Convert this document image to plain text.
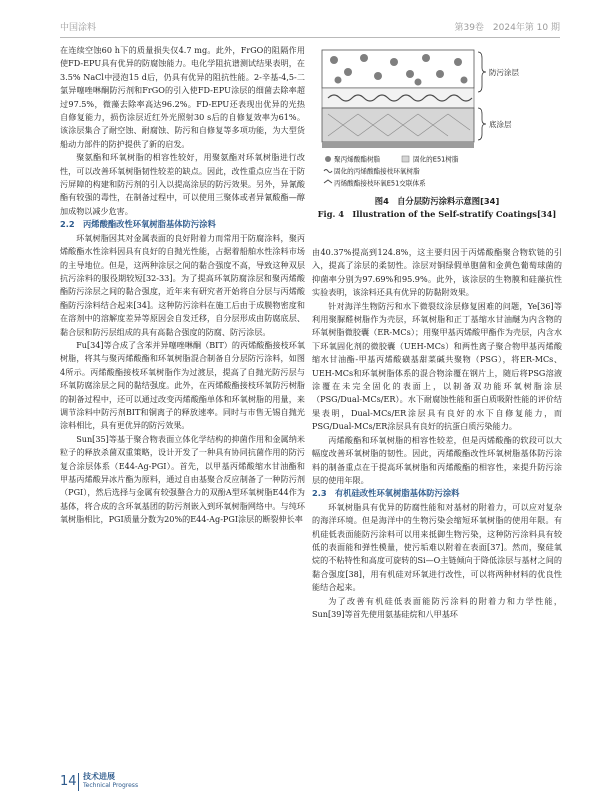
中国涂料	第39卷　2024年第 10 期

在连续空蚀60 h下的质量损失仅4.7 mg。此外，FrGO的阻隔作用使FD-EPU具有优异的防腐蚀能力。电化学阻抗谱测试结果表明，在3.5% NaCl中浸泡15 d后，仍具有优异的阻抗性能。2-辛基-4,5-二氯异噻唑啉酮防污剂和FrGO的引入使FD-EPU涂层的细菌去除率超过97.5%，微藻去除率高达96.2%。FD-EPU还表现出优异的光热自修复能力，损伤涂层近红外光照射30 s后的自修复效率为61%。该涂层集合了耐空蚀、耐腐蚀、防污和自修复等多项功能，为大型货船动力部件的防护提供了新的启发。

聚氨酯和环氧树脂的相容性较好，用聚氨酯对环氧树脂进行改性，可以改善环氧树脂韧性较差的缺点。因此，改性重点应当在于防污屏障的构建和防污剂的引入以提高涂层的防污效果。另外，异氰酸酯有较强的毒性，在制备过程中，可以使用三聚体或者异氰酸酯—醇加成物以减少危害。

2.2　丙烯酸酯改性环氧树脂基体防污涂料

环氧树脂因其对金属表面的良好附着力而常用于防腐涂料，聚丙烯酸酯水性涂料因具有良好的自抛光性能，占据着船舶水性涂料市场的主导地位。但是，这两种涂层之间的黏合强度不高，导致这种双层抗污涂料的服役期较短[32-33]。为了提高环氧防腐涂层和聚丙烯酸酯防污涂层之间的黏合强度，近年来有研究者开始将自分层与丙烯酸酯防污涂料结合起来[34]。这种防污涂料在施工后由于成膜物密度和在溶剂中的溶解度差异等原因会自发迁移，自分层形成由防腐底层、黏合层和防污层组成的具有高黏合强度的防腐、防污涂层。

Fu[34]等合成了含苯并异噻唑啉酮（BIT）的丙烯酸酯接枝环氧树脂，将其与聚丙烯酸酯和环氧树脂混合制备自分层防污涂料，如图4所示。丙烯酸酯接枝环氧树脂作为过渡层，提高了自抛光防污层与环氧防腐涂层之间的黏结强度。此外，在丙烯酸酯接枝环氧防污树脂的制备过程中，还可以通过改变丙烯酸酯单体和环氧树脂的用量，来调节涂料中防污剂BIT和铜离子的释放速率。同时与市售无锡自抛光涂料相比，具有更优异的防污效果。

Sun[35]等基于聚合物表面立体化学结构的抑菌作用和金属纳米粒子的释放杀菌双重策略，设计开发了一种具有协同抗菌作用的防污复合涂层体系（E44-Ag-PGI）。首先，以甲基丙烯酸缩水甘油酯和甲基丙烯酸异冰片酯为原料，通过自由基聚合反应制备了一种防污剂（PGI），然后选择与金属有较强螯合力的双酚A型环氧树脂E44作为基体，将合成的含环氧基团的防污剂嵌入到环氧树脂网络中。与纯环氧树脂相比，PGI质量分数为20%的E44-Ag-PGI涂层的断裂伸长率

防污涂层
底涂层
聚丙烯酸酯树脂	固化的E51树脂
固化的丙烯酸酯接枝环氧树脂
丙烯酸酯接枝环氧E51交联体系
图4　自分层防污涂料示意图[34]
Fig. 4　Illustration of the Self-stratify Coatings[34]

由40.37%提高到124.8%，这主要归因于丙烯酸酯聚合物软链的引入，提高了涂层的柔韧性。涂层对铜绿假单胞菌和金黄色葡萄球菌的抑菌率分别为97.69%和95.9%。此外，该涂层的生物膜和硅藻抗性实验表明，该涂料还具有优异的防黏附效果。

针对海洋生物防污和水下微裂纹涂层修复困难的问题，Ye[36]等利用聚脲醛树脂作为壳层，环氧树脂和正丁基缩水甘油醚为内含物的环氧树脂微胶囊（ER-MCs）；用聚甲基丙烯酸甲酯作为壳层，内含水下环氧固化剂的微胶囊（UEH-MCs）和两性离子聚合物甲基丙烯酸缩水甘油酯-甲基丙烯酸磺基甜菜碱共聚物（PSG），将ER-MCs、UEH-MCs和环氧树脂体系的混合物涂覆在钢片上，随后将PSG溶液涂覆在未完全固化的表面上，以制备双功能环氧树脂涂层（PSG/Dual-MCs/ER）。水下耐腐蚀性能和蛋白质吸附性能的评价结果表明，Dual-MCs/ER涂层具有良好的水下自修复能力，而PSG/Dual-MCs/ER涂层具有良好的抗蛋白质污染能力。

丙烯酸酯和环氧树脂的相容性较差，但是丙烯酸酯的软段可以大幅度改善环氧树脂的韧性。因此，丙烯酸酯改性环氧树脂基体防污涂料的制备重点在于提高环氧树脂和丙烯酸酯的相容性，来提升防污涂层的使用年限。

2.3　有机硅改性环氧树脂基体防污涂料

环氧树脂具有优异的防腐性能和对基材的附着力，可以应对复杂的海洋环境。但是海洋中的生物污染会缩短环氧树脂的使用年限。有机硅低表面能防污涂料可以用来抵御生物污染，这种防污涂料具有较低的表面能和弹性模量，使污垢难以附着在表面[37]。然而，聚硅氧烷的不粘特性和高度可旋转的Si—O主链倾向于降低涂层与基材之间的黏合强度[38]，用有机硅对环氧进行改性，可以将两种材料的优良性能结合起来。

为了改善有机硅低表面能防污涂料的附着力和力学性能，Sun[39]等首先使用氨基硅烷和八甲基环

14 技术进展
Technical Progress
